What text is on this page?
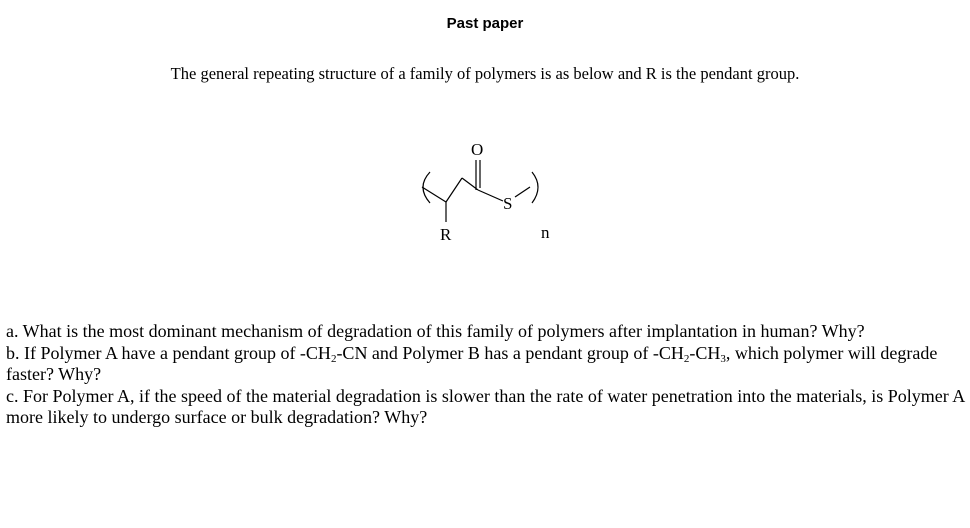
Past paper
The general repeating structure of a family of polymers is as below and R is the pendant group.
O
S
R	n

a. What is the most dominant mechanism of degradation of this family of polymers after implantation in human? Why?

b. If Polymer A have a pendant group of $-CH_2-CN$ and Polymer B has a pendant group of $-CH_2-CH_3$, which polymer will degrade faster? Why?

c. For Polymer A, if the speed of the material degradation is slower than the rate of water penetration into the materials, is Polymer A more likely to undergo surface or bulk degradation? Why?
